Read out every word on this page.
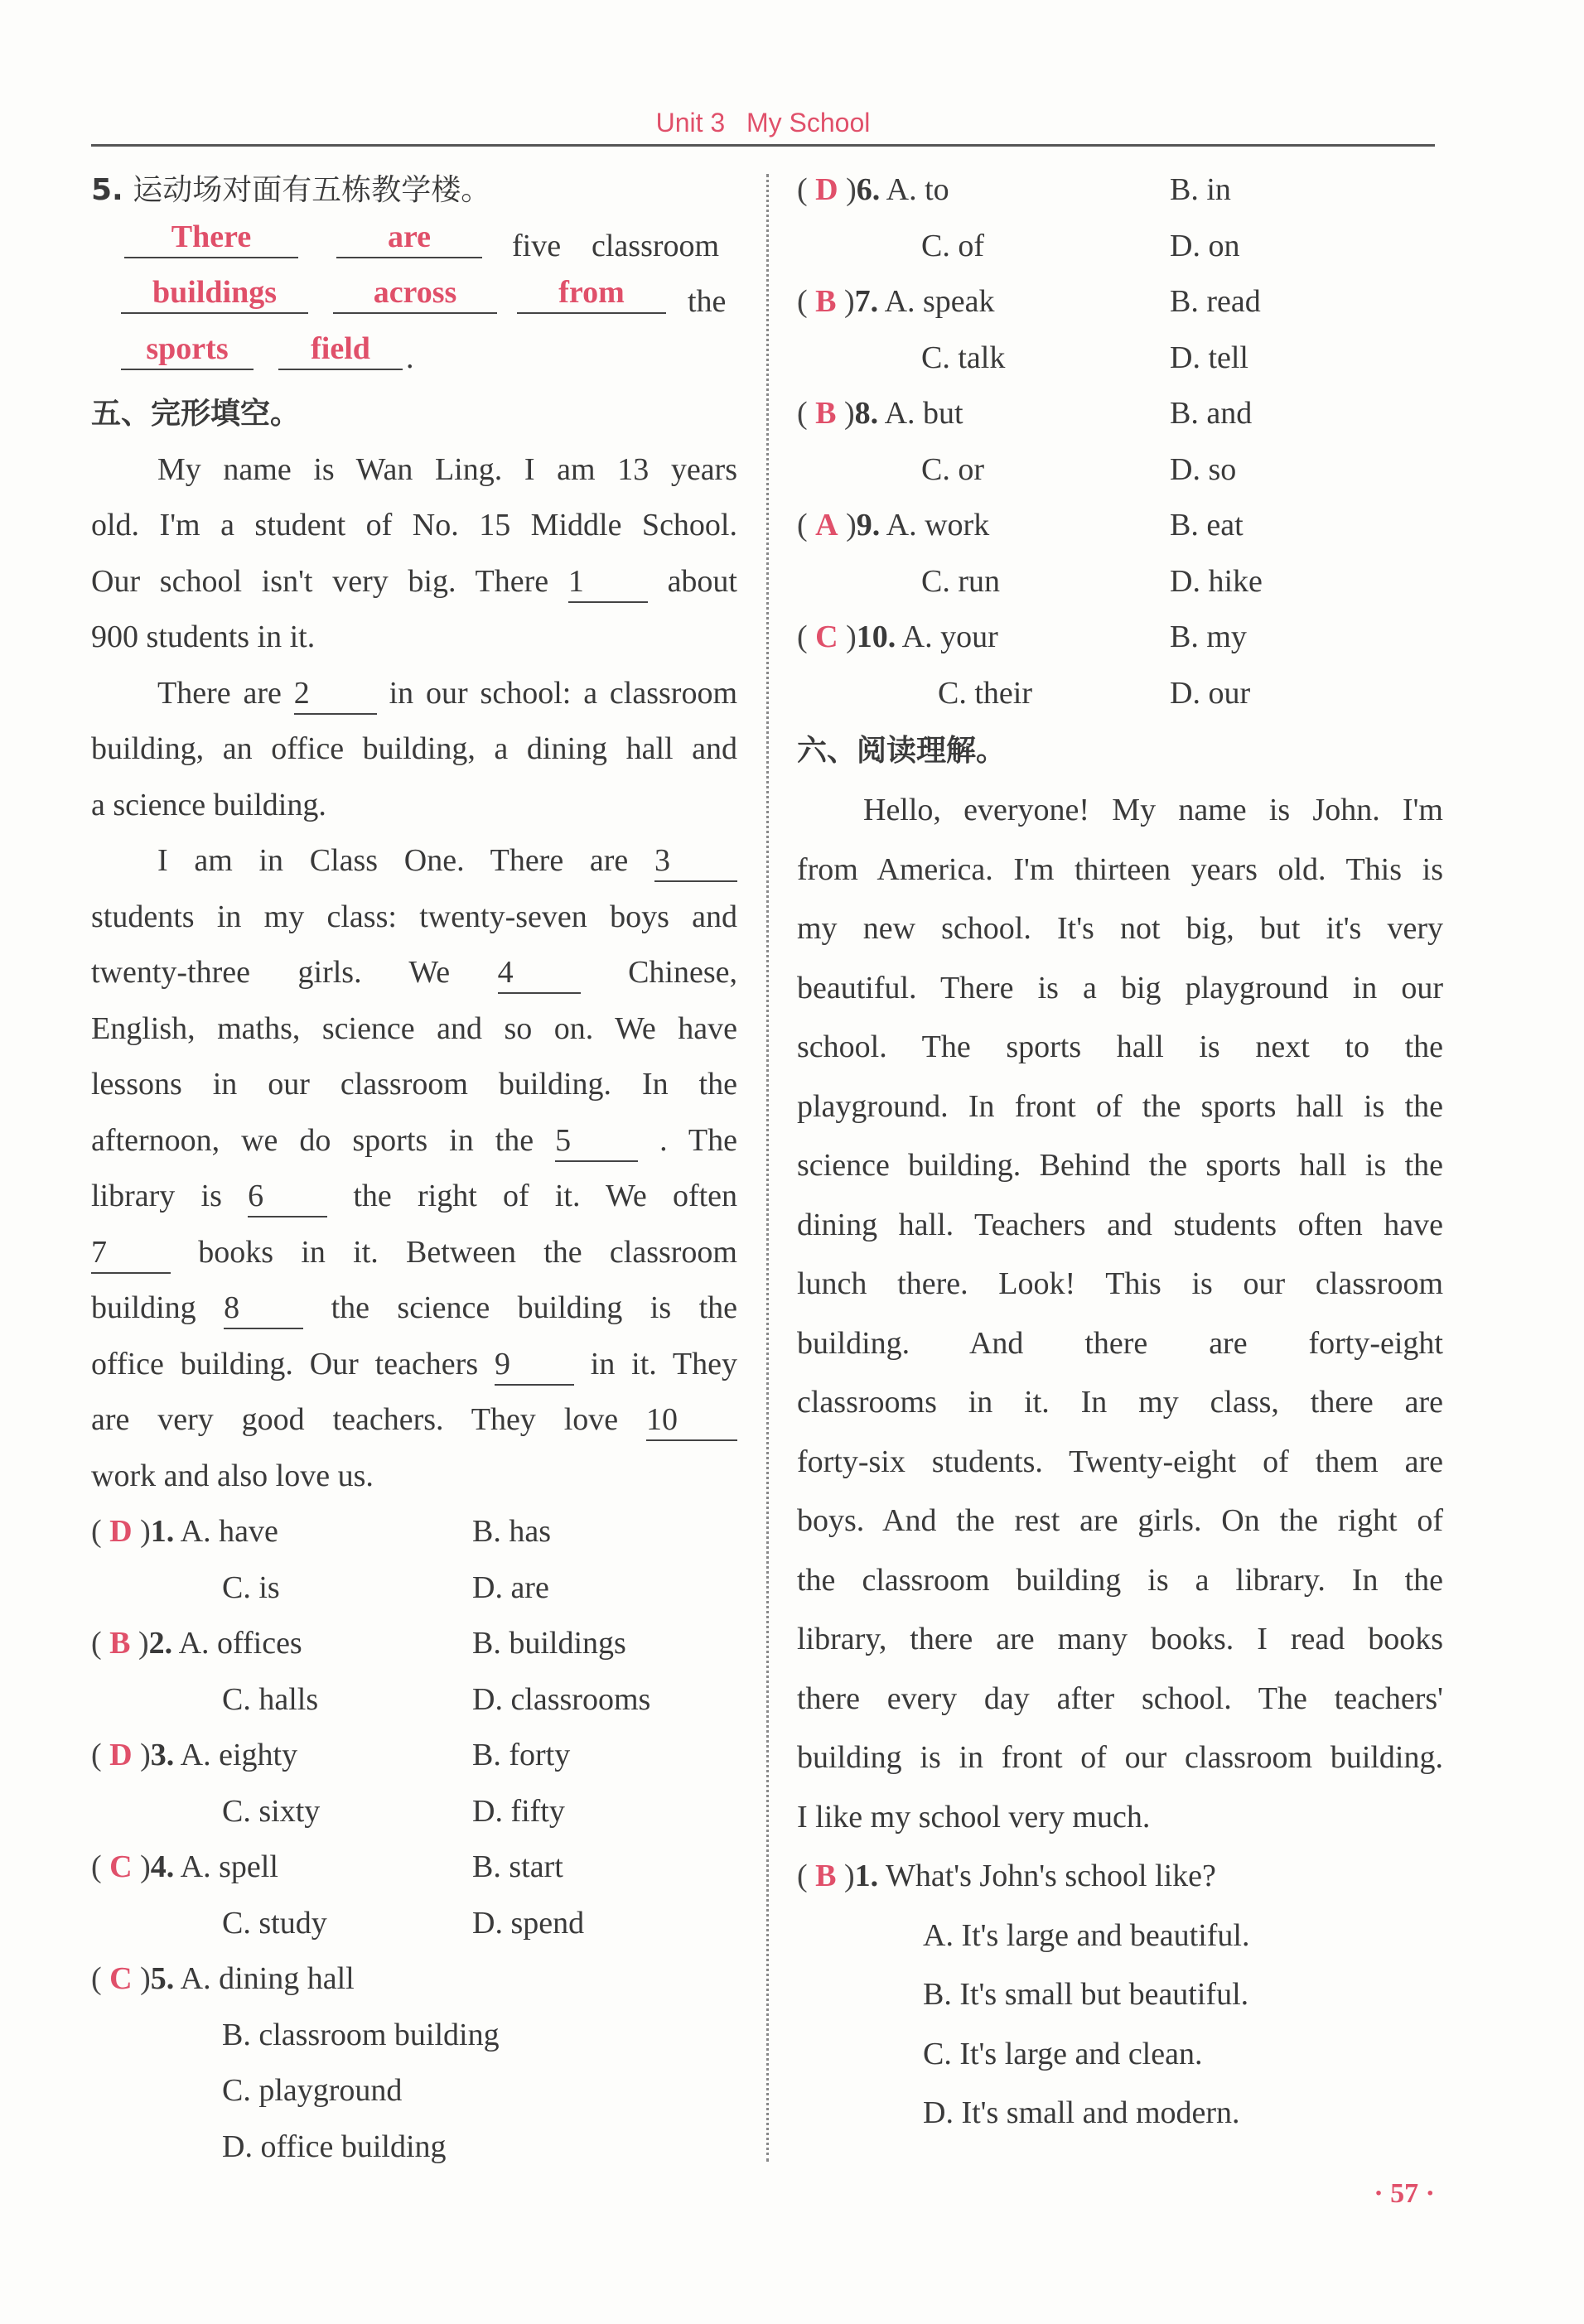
Unit 3 My School
5. 运动场对面有五栋教学楼。
There	are	five classroom
buildings	across	from	the
sports	field	.
五、完形填空。
My name is Wan Ling. I am 13 years
old. I'm a student of No. 15 Middle School.
Our school isn't very big. There 1	about
900 students in it.
There are 2	in our school: a classroom
building, an office building, a dining hall and
a science building.
I am in Class One. There are 3
students in my class: twenty-seven boys and
twenty-three girls. We 4	Chinese,
English, maths, science and so on. We have
lessons in our classroom building. In the
afternoon, we do sports in the 5	. The
library is 6	the right of it. We often
7	books in it. Between the classroom
building 8	the science building is the
office building. Our teachers 9	in it. They
are very good teachers. They love 10
work and also love us.
( D )1. A. have	B. has
C. is	D. are
( B )2. A. offices	B. buildings
C. halls	D. classrooms
( D )3. A. eighty	B. forty
C. sixty	D. fifty
( C )4. A. spell	B. start
C. study	D. spend
( C )5. A. dining hall
B. classroom building
C. playground
D. office building
( D )6. A. to	B. in
C. of	D. on
( B )7. A. speak	B. read
C. talk	D. tell
( B )8. A. but	B. and
C. or	D. so
( A )9. A. work	B. eat
C. run	D. hike
( C )10. A. your	B. my
C. their	D. our
六、阅读理解。
Hello, everyone! My name is John. I'm
from America. I'm thirteen years old. This is
my new school. It's not big, but it's very
beautiful. There is a big playground in our
school. The sports hall is next to the
playground. In front of the sports hall is the
science building. Behind the sports hall is the
dining hall. Teachers and students often have
lunch there. Look! This is our classroom
building. And there are forty-eight
classrooms in it. In my class, there are
forty-six students. Twenty-eight of them are
boys. And the rest are girls. On the right of
the classroom building is a library. In the
library, there are many books. I read books
there every day after school. The teachers'
building is in front of our classroom building.
I like my school very much.
( B )1. What's John's school like?
A. It's large and beautiful.
B. It's small but beautiful.
C. It's large and clean.
D. It's small and modern.
· 57 ·
